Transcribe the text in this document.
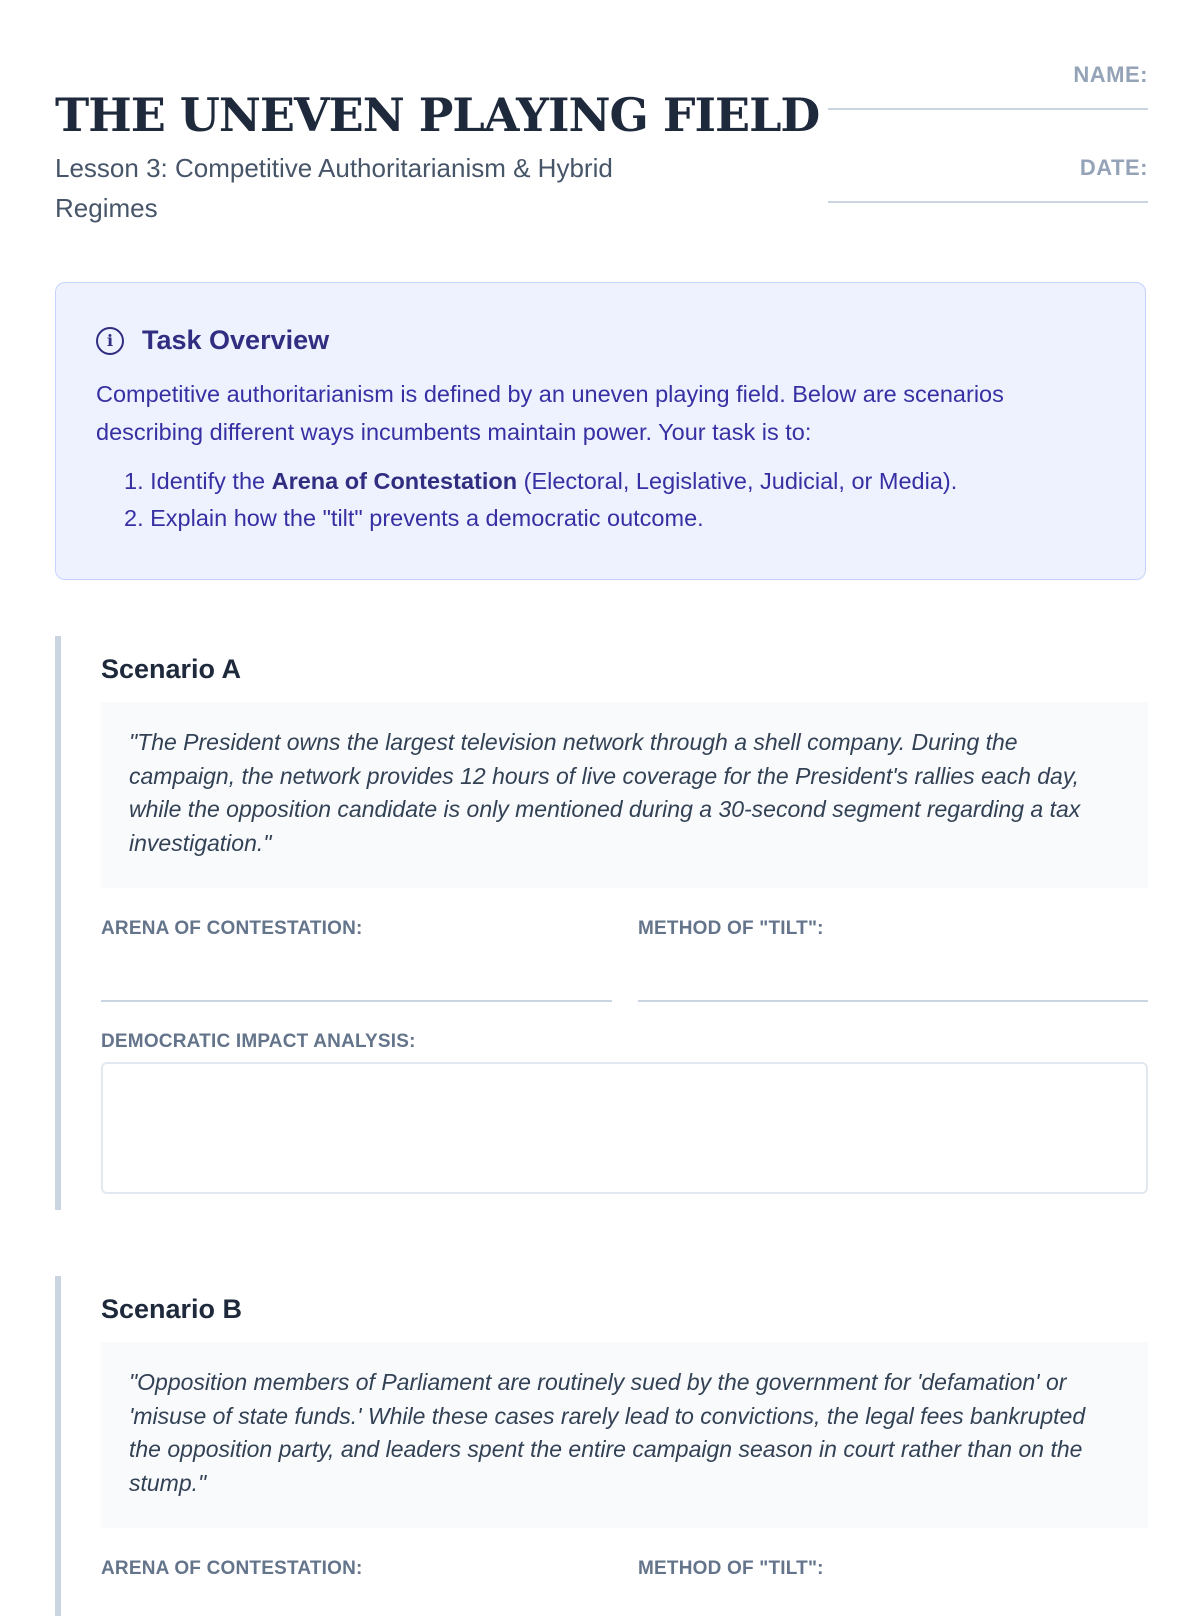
THE UNEVEN PLAYING FIELD

Lesson 3: Competitive Authoritarianism & Hybrid Regimes

NAME:
DATE:
i	Task Overview

Competitive authoritarianism is defined by an uneven playing field. Below are scenarios describing different ways incumbents maintain power. Your task is to:

1. Identify the Arena of Contestation (Electoral, Legislative, Judicial, or Media).
2. Explain how the "tilt" prevents a democratic outcome.
Scenario A
"The President owns the largest television network through a shell company. During the campaign, the network provides 12 hours of live coverage for the President's rallies each day, while the opposition candidate is only mentioned during a 30-second segment regarding a tax investigation."
ARENA OF CONTESTATION:	METHOD OF "TILT":
DEMOCRATIC IMPACT ANALYSIS:
Scenario B
"Opposition members of Parliament are routinely sued by the government for 'defamation' or 'misuse of state funds.' While these cases rarely lead to convictions, the legal fees bankrupted the opposition party, and leaders spent the entire campaign season in court rather than on the stump."
ARENA OF CONTESTATION:	METHOD OF "TILT":
